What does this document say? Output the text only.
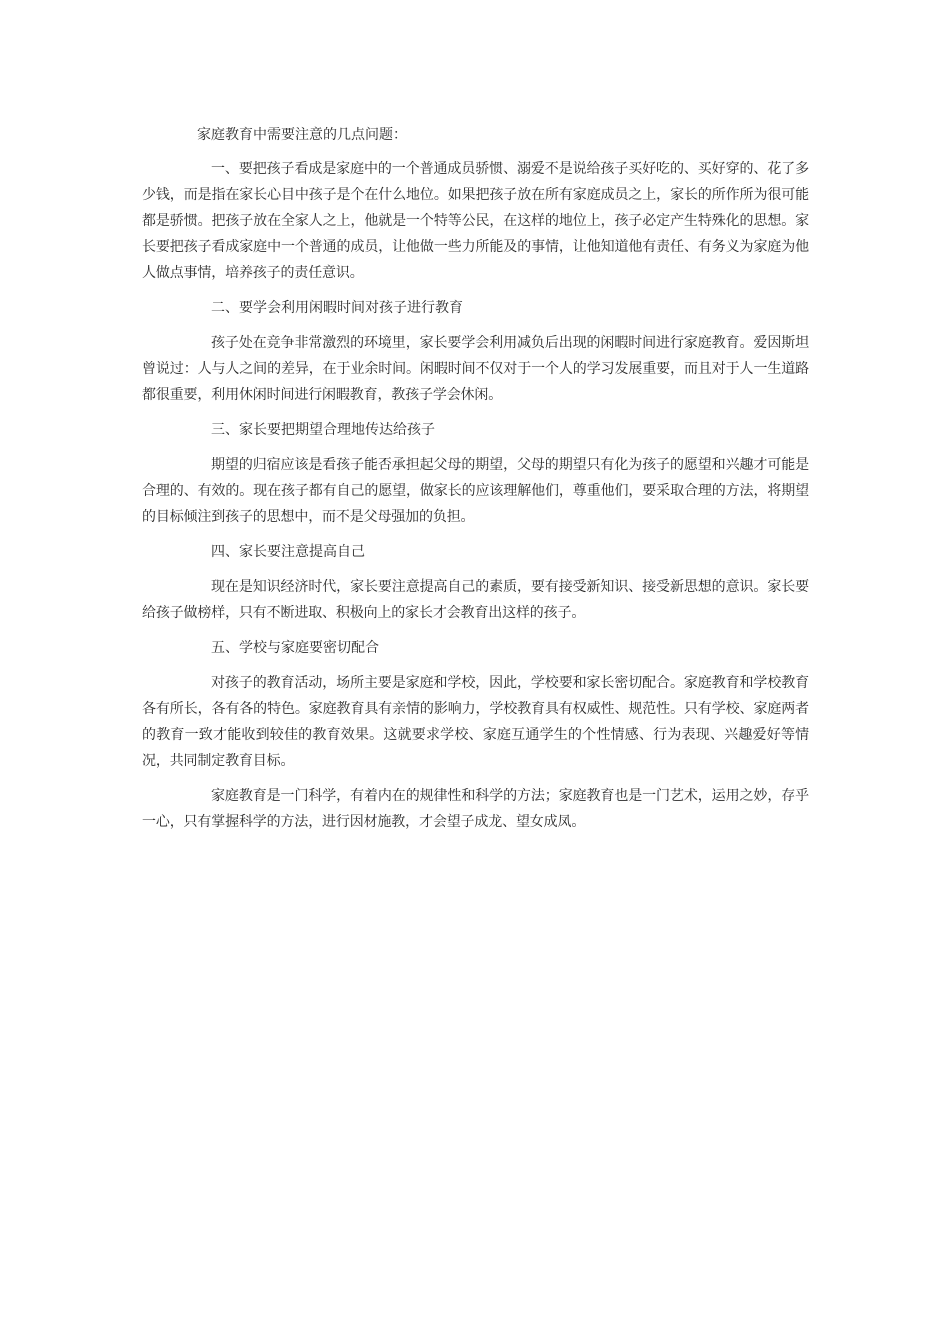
家庭教育中需要注意的几点问题：

一、要把孩子看成是家庭中的一个普通成员骄惯、溺爱不是说给孩子买好吃的、买好穿的、花了多少钱，而是指在家长心目中孩子是个在什么地位。如果把孩子放在所有家庭成员之上，家长的所作所为很可能都是骄惯。把孩子放在全家人之上，他就是一个特等公民，在这样的地位上，孩子必定产生特殊化的思想。家长要把孩子看成家庭中一个普通的成员，让他做一些力所能及的事情，让他知道他有责任、有务义为家庭为他人做点事情，培养孩子的责任意识。

二、要学会利用闲暇时间对孩子进行教育

孩子处在竞争非常激烈的环境里，家长要学会利用减负后出现的闲暇时间进行家庭教育。爱因斯坦曾说过：人与人之间的差异，在于业余时间。闲暇时间不仅对于一个人的学习发展重要，而且对于人一生道路都很重要，利用休闲时间进行闲暇教育，教孩子学会休闲。

三、家长要把期望合理地传达给孩子

期望的归宿应该是看孩子能否承担起父母的期望，父母的期望只有化为孩子的愿望和兴趣才可能是合理的、有效的。现在孩子都有自己的愿望，做家长的应该理解他们，尊重他们，要采取合理的方法，将期望的目标倾注到孩子的思想中，而不是父母强加的负担。

四、家长要注意提高自己

现在是知识经济时代，家长要注意提高自己的素质，要有接受新知识、接受新思想的意识。家长要给孩子做榜样，只有不断进取、积极向上的家长才会教育出这样的孩子。

五、学校与家庭要密切配合

对孩子的教育活动，场所主要是家庭和学校，因此，学校要和家长密切配合。家庭教育和学校教育各有所长，各有各的特色。家庭教育具有亲情的影响力，学校教育具有权威性、规范性。只有学校、家庭两者的教育一致才能收到较佳的教育效果。这就要求学校、家庭互通学生的个性情感、行为表现、兴趣爱好等情况，共同制定教育目标。

家庭教育是一门科学，有着内在的规律性和科学的方法；家庭教育也是一门艺术，运用之妙，存乎一心，只有掌握科学的方法，进行因材施教，才会望子成龙、望女成凤。
